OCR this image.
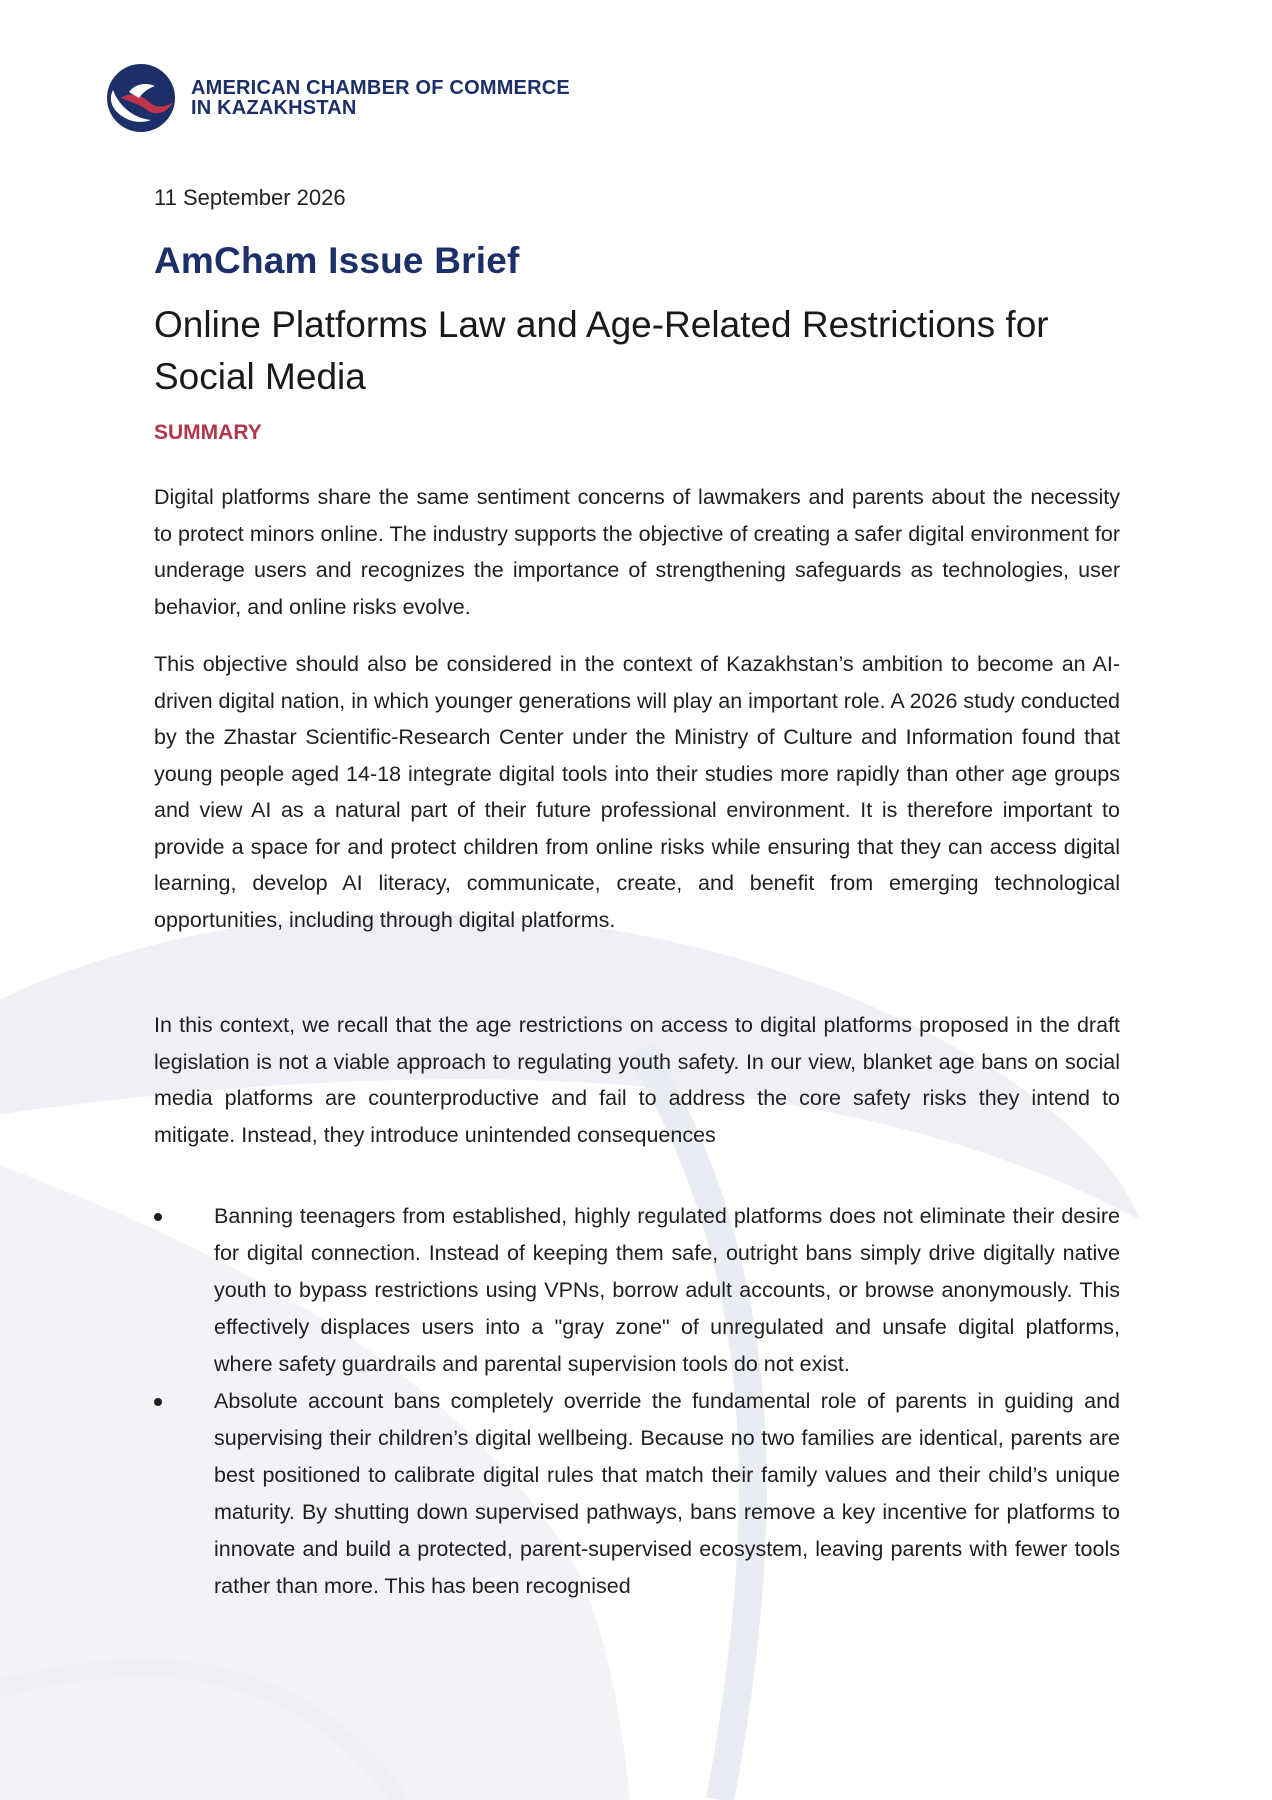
AMERICAN CHAMBER OF COMMERCE
IN KAZAKHSTAN
11 September 2026
AmCham Issue Brief
Online Platforms Law and Age-Related Restrictions for Social Media
SUMMARY

Digital platforms share the same sentiment concerns of lawmakers and parents about the necessity to protect minors online. The industry supports the objective of creating a safer digital environment for underage users and recognizes the importance of strengthening safeguards as technologies, user behavior, and online risks evolve.

This objective should also be considered in the context of Kazakhstan’s ambition to become an AI-driven digital nation, in which younger generations will play an important role. A 2026 study conducted by the Zhastar Scientific-Research Center under the Ministry of Culture and Information found that young people aged 14-18 integrate digital tools into their studies more rapidly than other age groups and view AI as a natural part of their future professional environment. It is therefore important to provide a space for and protect children from online risks while ensuring that they can access digital learning, develop AI literacy, communicate, create, and benefit from emerging technological opportunities, including through digital platforms.

In this context, we recall that the age restrictions on access to digital platforms proposed in the draft legislation is not a viable approach to regulating youth safety. In our view, blanket age bans on social media platforms are counterproductive and fail to address the core safety risks they intend to mitigate. Instead, they introduce unintended consequences

Banning teenagers from established, highly regulated platforms does not eliminate their desire for digital connection. Instead of keeping them safe, outright bans simply drive digitally native youth to bypass restrictions using VPNs, borrow adult accounts, or browse anonymously. This effectively displaces users into a "gray zone" of unregulated and unsafe digital platforms, where safety guardrails and parental supervision tools do not exist.
Absolute account bans completely override the fundamental role of parents in guiding and supervising their children’s digital wellbeing. Because no two families are identical, parents are best positioned to calibrate digital rules that match their family values and their child’s unique maturity. By shutting down supervised pathways, bans remove a key incentive for platforms to innovate and build a protected, parent-supervised ecosystem, leaving parents with fewer tools rather than more. This has been recognised
